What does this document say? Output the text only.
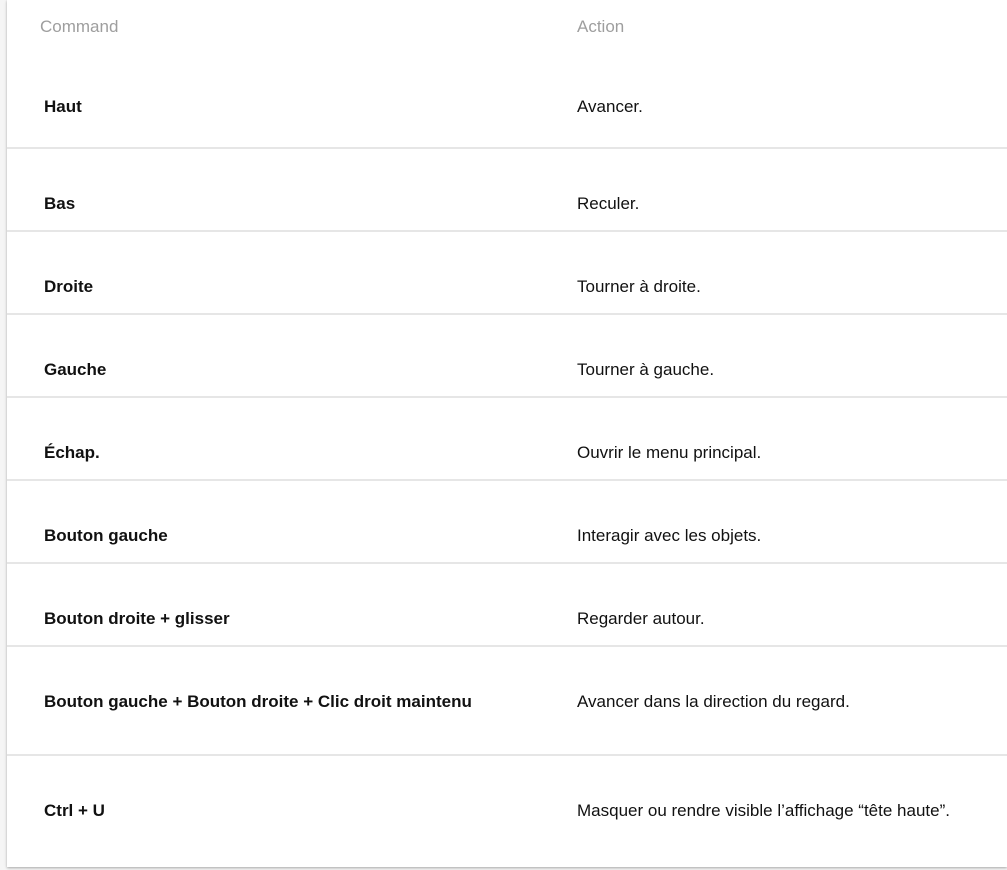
Command	Action

Haut	Avancer.

Bas	Reculer.

Droite	Tourner à droite.

Gauche	Tourner à gauche.

Échap.	Ouvrir le menu principal.

Bouton gauche	Interagir avec les objets.

Bouton droite + glisser	Regarder autour.

Bouton gauche + Bouton droite + Clic droit maintenu	Avancer dans la direction du regard.

Ctrl + U	Masquer ou rendre visible l’affichage “tête haute”.
